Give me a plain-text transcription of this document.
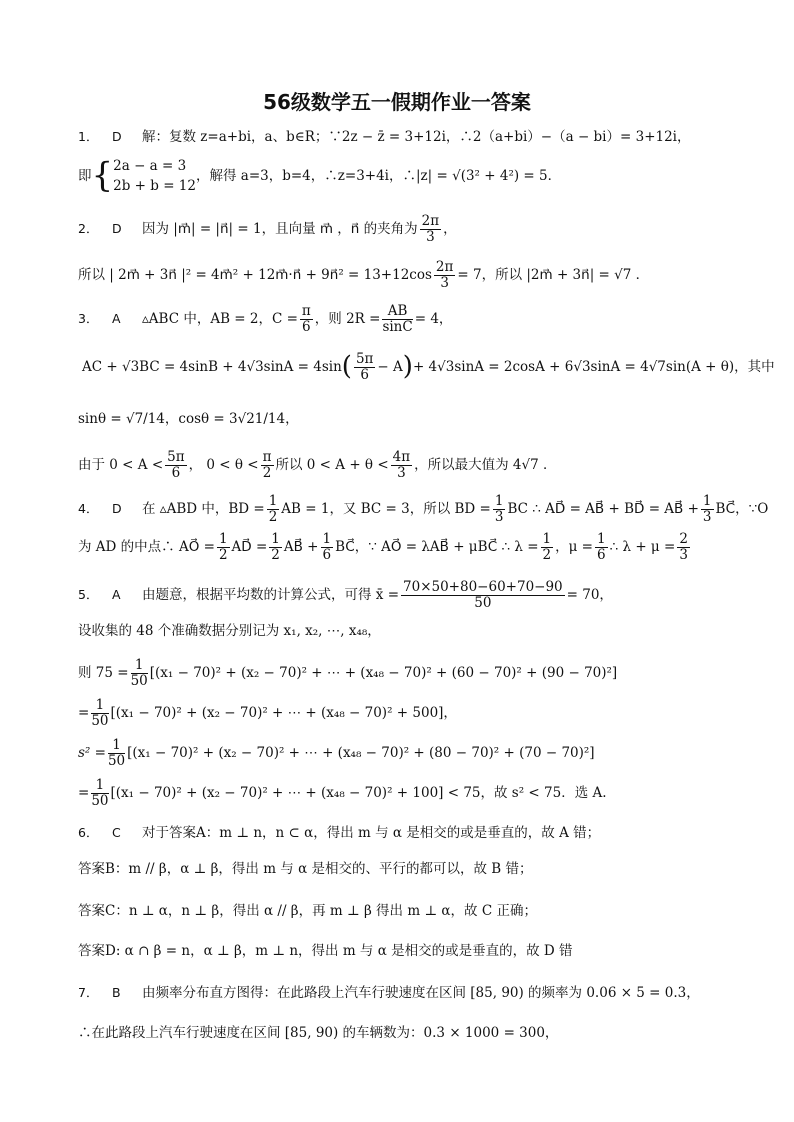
56级数学五一假期作业一答案
1． D 解：复数 z=a+bi，a、b∈R；∵2z − z̄ = 3+12i，∴2（a+bi）−（a − bi）= 3+12i，
即{ 2a − a = 3
2b + b = 12
，解得 a=3，b=4，∴z=3+4i，∴|z| = √(3² + 4²) = 5．
2． D 因为 |m⃗| = |n⃗| = 1，且向量 m⃗ ，n⃗ 的夹角为 $\frac{2\pi}{3}$ ，
所以 | 2m⃗ + 3n⃗ |² = 4m⃗² + 12m⃗·n⃗ + 9n⃗² = $13+12\cos \frac{2\pi}{3} = 7$，所以 |2m⃗ + 3n⃗| = √7 ．
3． A ▵ABC 中，AB = 2，$C = \frac{\pi}{6}$ ，则 $2R = \frac{AB}{\sin C} = 4$，
AC + $√3BC = 4\sin B + 4√3\sin A = 4\sin( \frac{5\pi}{6} - A)+ 4√3\sin A = 2\cos A + 6√3\sin A = 4√7\sin(A + \theta)$，其中
sinθ = √7/14，cosθ = 3√21/14，
由于 $0 < A < \frac{5\pi}{6}$ ， $0 < \theta < \frac{\pi}{2}$ 所以 $0 < A + \theta < \frac{4\pi}{3}$ ，所以最大值为 4√7 ．
4． D 在 ▵ABD 中，BD = $\frac{1}{2}$ AB = 1，又 BC = 3，所以 BD = $\frac{1}{3}$ BC ∴ AD⃗ = AB⃗ + BD⃗ = AB⃗ + $\frac{1}{3}$ BC⃗，∵O
为 AD 的中点∴ AO⃗ = $\frac{1}{2}$ AD⃗ = $\frac{1}{2}$ AB⃗ + $\frac{1}{6}$ BC⃗，∵ AO⃗ = λAB⃗ + μBC⃗ ∴ $\lambda = \frac{1}{2}$ ，$\mu = \frac{1}{6}$ ∴ $\lambda + \mu = \frac{2}{3}$
5． A 由题意，根据平均数的计算公式，可得 x̄ = $\frac{70\times 50+80-60+70-90}{50} = 70$，
设收集的 48 个准确数据分别记为 x₁, x₂, ⋯, x₄₈，
则 $75 = \frac{1}{50} [(x_1 - 70)^2 + (x_2 - 70)^2$ + ⋯ + (x₄₈ − 70)² + (60 − 70)² + (90 − 70)²]
= $\frac{1}{50} [(x_1 - 70)^2 + (x_2 - 70)^2$ + ⋯ + (x₄₈ − 70)² + 500]，
$s^2 = \frac{1}{50} [(x_1 - 70)^2 + (x_2 - 70)^2$ + ⋯ + (x₄₈ − 70)² + (80 − 70)² + (70 − 70)²]
= $\frac{1}{50} [(x_1 - 70)^2 + (x_2 - 70)^2$ + ⋯ + (x₄₈ − 70)² + 100] < 75，故 s² < 75．选 A.
6． C 对于答案A：m ⊥ n，n ⊂ α，得出 m 与 α 是相交的或是垂直的，故 A 错；
答案B：m // β，α ⊥ β，得出 m 与 α 是相交的、平行的都可以，故 B 错；
答案C：n ⊥ α，n ⊥ β，得出 α // β，再 m ⊥ β 得出 m ⊥ α，故 C 正确；
答案D: α ∩ β = n，α ⊥ β，m ⊥ n，得出 m 与 α 是相交的或是垂直的，故 D 错
7． B 由频率分布直方图得：在此路段上汽车行驶速度在区间 [85, 90) 的频率为 0.06 × 5 = 0.3，
∴在此路段上汽车行驶速度在区间 [85, 90) 的车辆数为：0.3 × 1000 = 300，
